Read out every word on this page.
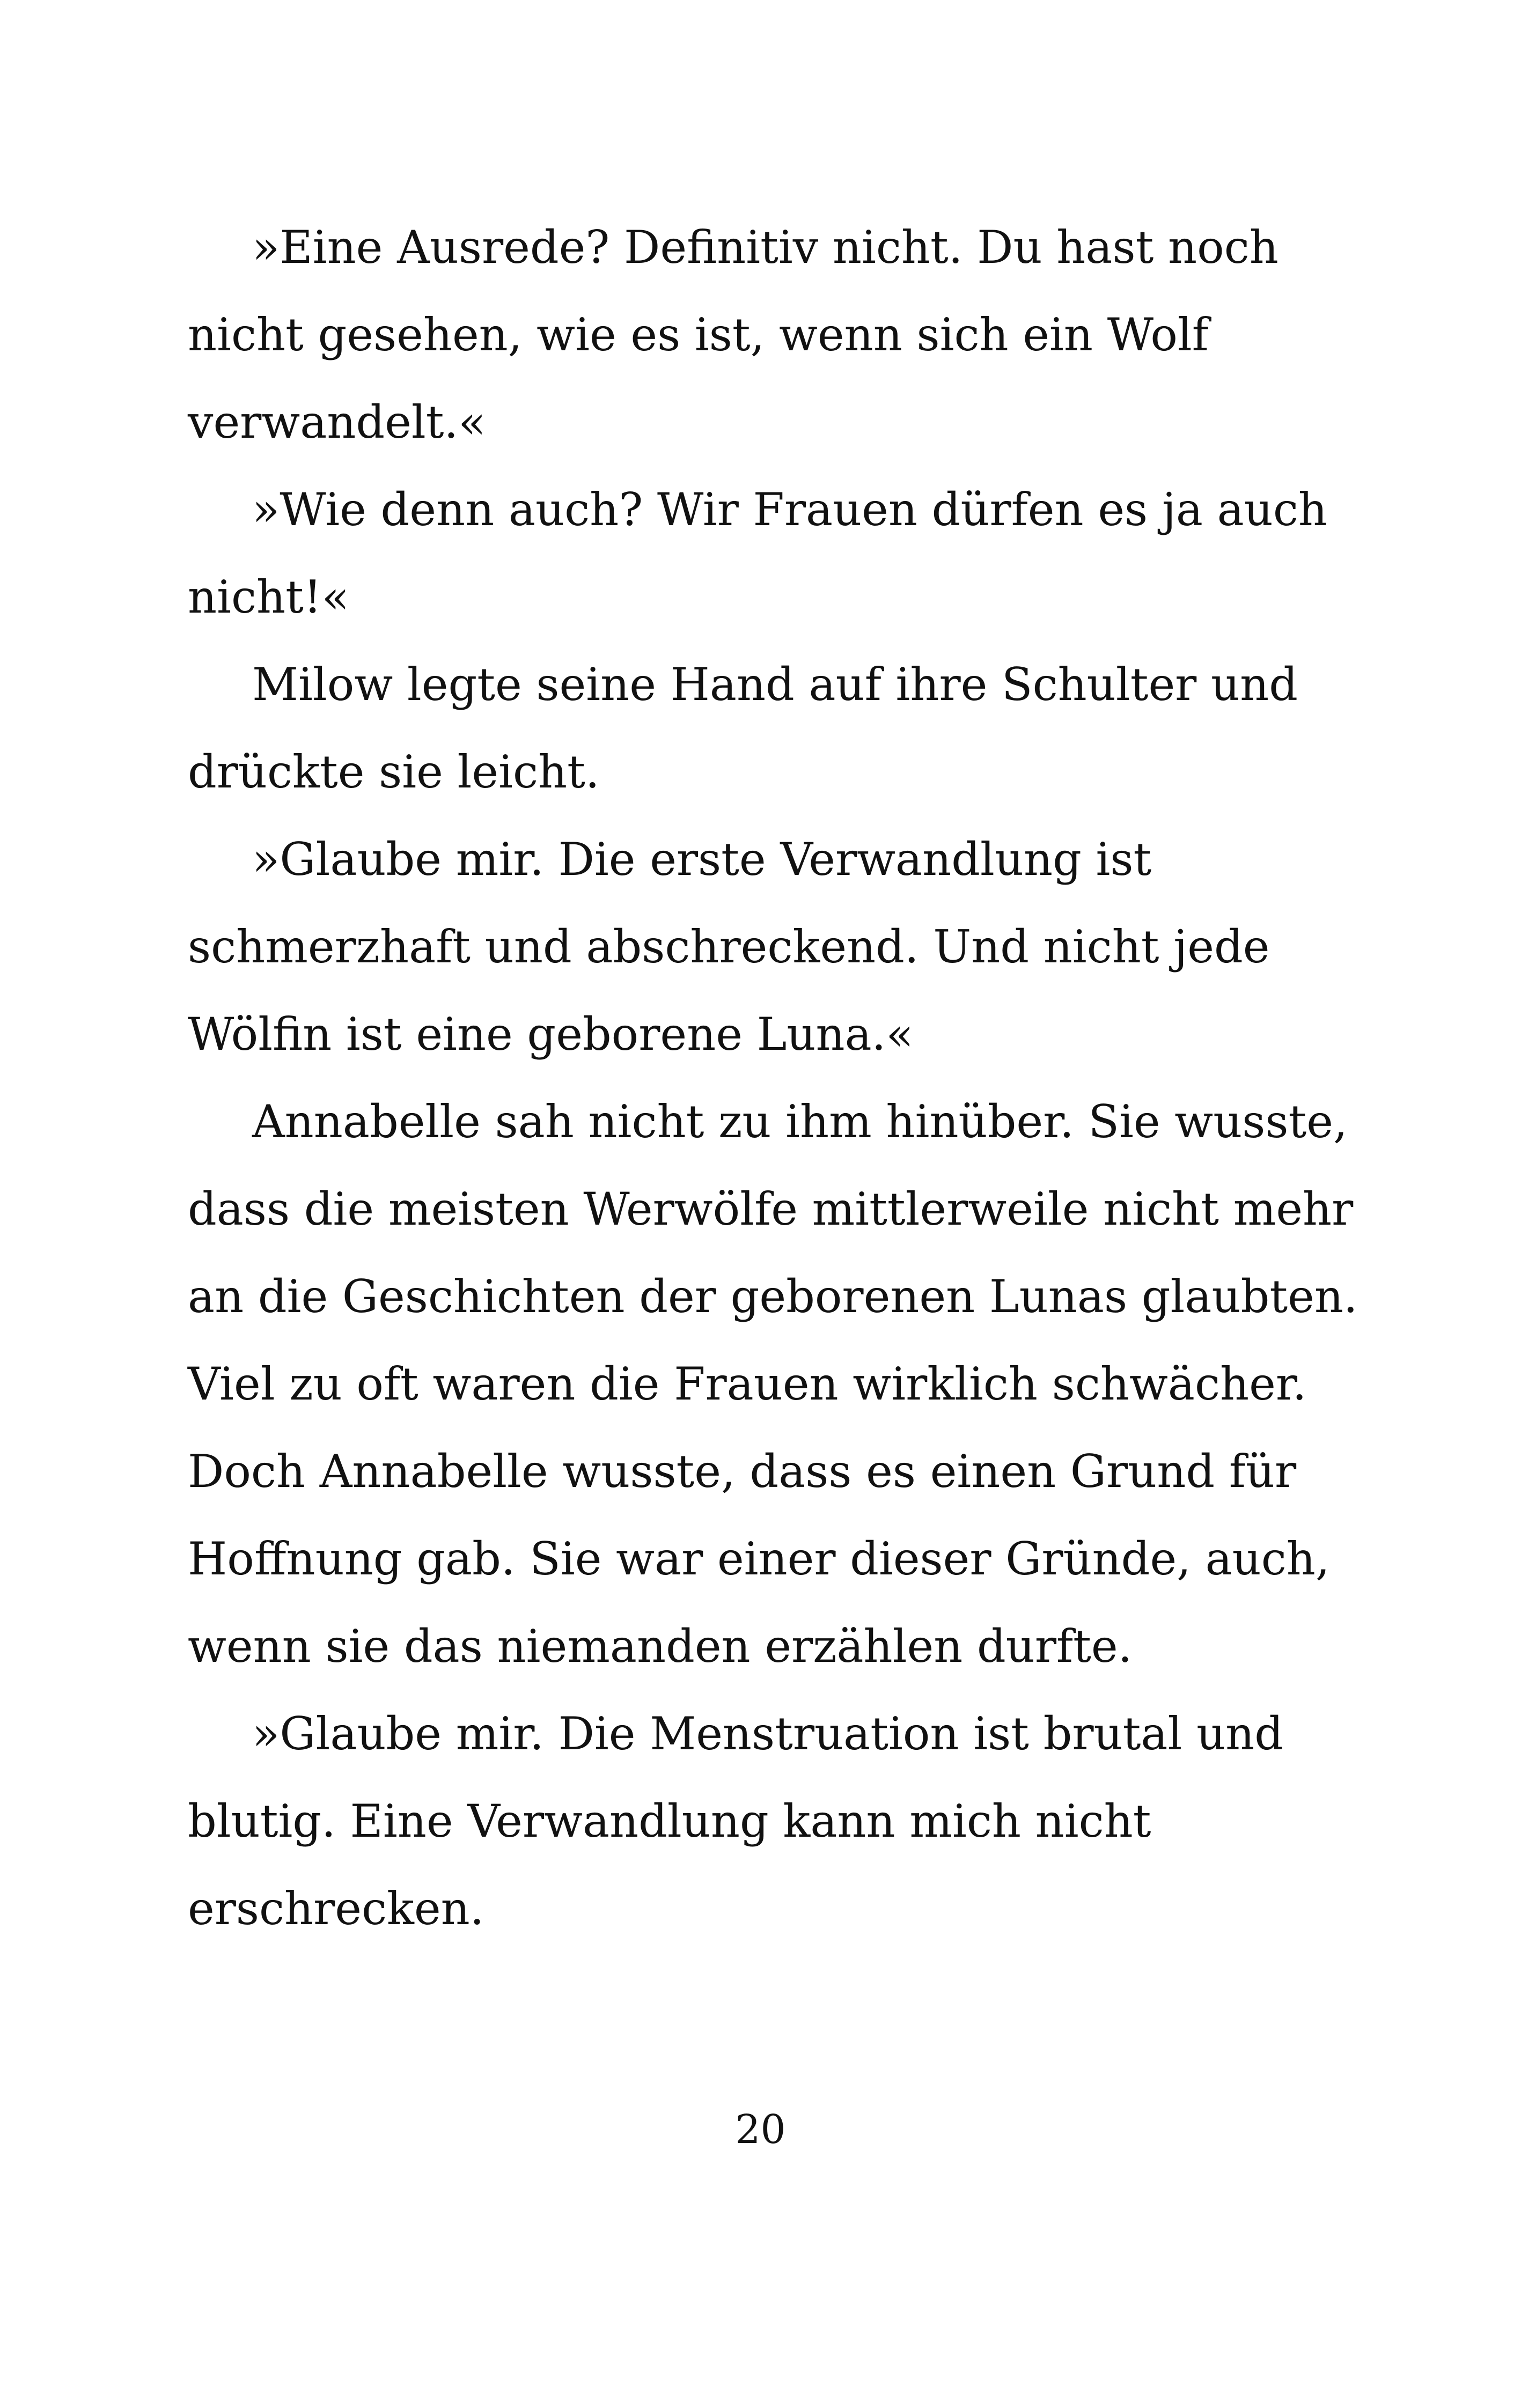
»Eine Ausrede? Definitiv nicht. Du hast noch
nicht gesehen, wie es ist, wenn sich ein Wolf
verwandelt.«
»Wie denn auch? Wir Frauen dürfen es ja auch
nicht!«
Milow legte seine Hand auf ihre Schulter und
drückte sie leicht.
»Glaube mir. Die erste Verwandlung ist
schmerzhaft und abschreckend. Und nicht jede
Wölfin ist eine geborene Luna.«
Annabelle sah nicht zu ihm hinüber. Sie wusste,
dass die meisten Werwölfe mittlerweile nicht mehr
an die Geschichten der geborenen Lunas glaubten.
Viel zu oft waren die Frauen wirklich schwächer.
Doch Annabelle wusste, dass es einen Grund für
Hoffnung gab. Sie war einer dieser Gründe, auch,
wenn sie das niemanden erzählen durfte.
»Glaube mir. Die Menstruation ist brutal und
blutig. Eine Verwandlung kann mich nicht
erschrecken.
20
